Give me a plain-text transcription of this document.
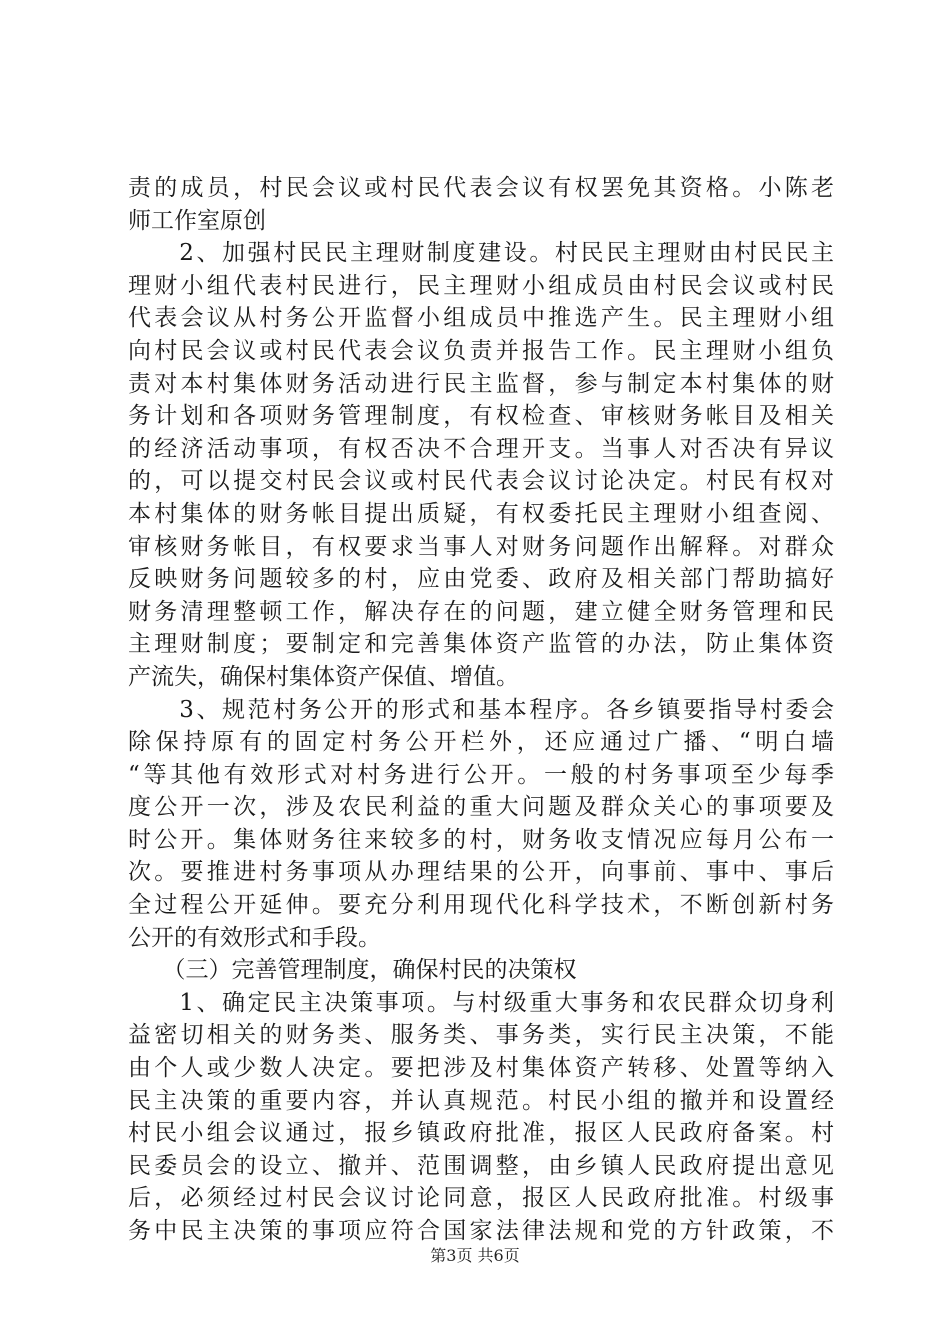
责的成员，村民会议或村民代表会议有权罢免其资格。小陈老
师工作室原创
　　2、加强村民民主理财制度建设。村民民主理财由村民民主
理财小组代表村民进行，民主理财小组成员由村民会议或村民
代表会议从村务公开监督小组成员中推选产生。民主理财小组
向村民会议或村民代表会议负责并报告工作。民主理财小组负
责对本村集体财务活动进行民主监督，参与制定本村集体的财
务计划和各项财务管理制度，有权检查、审核财务帐目及相关
的经济活动事项，有权否决不合理开支。当事人对否决有异议
的，可以提交村民会议或村民代表会议讨论决定。村民有权对
本村集体的财务帐目提出质疑，有权委托民主理财小组查阅、
审核财务帐目，有权要求当事人对财务问题作出解释。对群众
反映财务问题较多的村，应由党委、政府及相关部门帮助搞好
财务清理整顿工作，解决存在的问题，建立健全财务管理和民
主理财制度；要制定和完善集体资产监管的办法，防止集体资
产流失，确保村集体资产保值、增值。
　　3、规范村务公开的形式和基本程序。各乡镇要指导村委会
除保持原有的固定村务公开栏外，还应通过广播、“明白墙
“等其他有效形式对村务进行公开。一般的村务事项至少每季
度公开一次，涉及农民利益的重大问题及群众关心的事项要及
时公开。集体财务往来较多的村，财务收支情况应每月公布一
次。要推进村务事项从办理结果的公开，向事前、事中、事后
全过程公开延伸。要充分利用现代化科学技术，不断创新村务
公开的有效形式和手段。
　　（三）完善管理制度，确保村民的决策权
　　1、确定民主决策事项。与村级重大事务和农民群众切身利
益密切相关的财务类、服务类、事务类，实行民主决策，不能
由个人或少数人决定。要把涉及村集体资产转移、处置等纳入
民主决策的重要内容，并认真规范。村民小组的撤并和设置经
村民小组会议通过，报乡镇政府批准，报区人民政府备案。村
民委员会的设立、撤并、范围调整，由乡镇人民政府提出意见
后，必须经过村民会议讨论同意，报区人民政府批准。村级事
务中民主决策的事项应符合国家法律法规和党的方针政策，不
第3页 共6页
